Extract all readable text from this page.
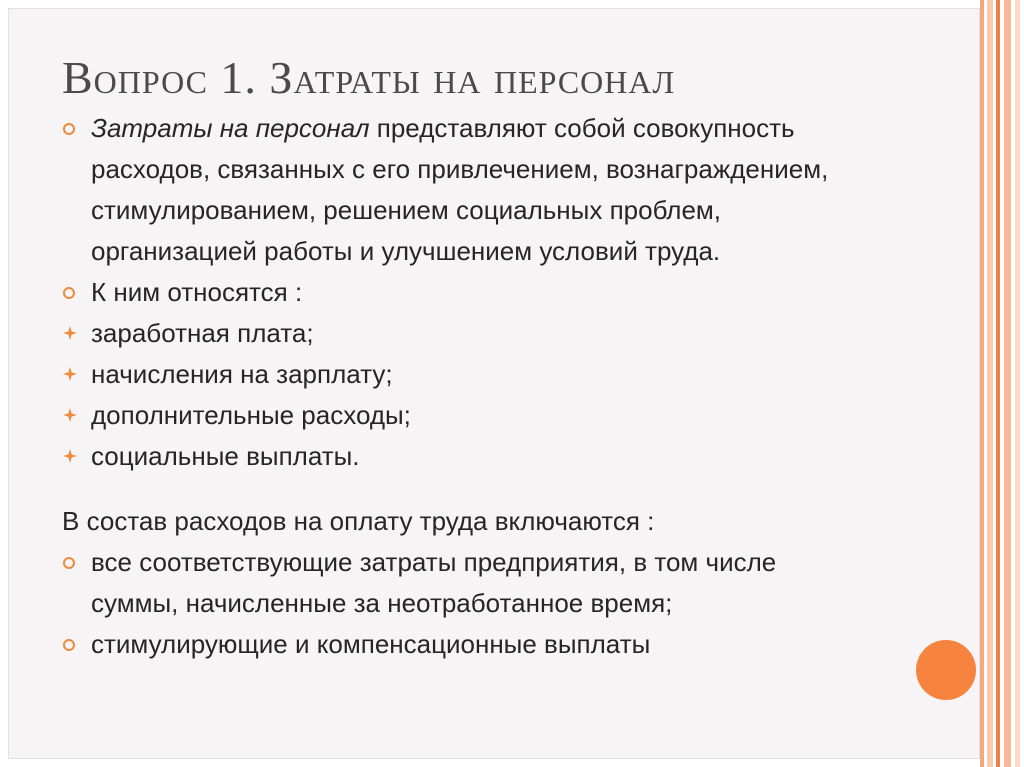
Вопрос 1. Затраты на персонал
Затраты на персонал представляют собой совокупность
расходов, связанных с его привлечением, вознаграждением,
стимулированием, решением социальных проблем,
организацией работы и улучшением условий труда.
К ним относятся :
заработная плата;
начисления на зарплату;
дополнительные расходы;
социальные выплаты.
В состав расходов на оплату труда включаются :
все соответствующие затраты предприятия, в том числе
суммы, начисленные за неотработанное время;
стимулирующие и компенсационные выплаты
